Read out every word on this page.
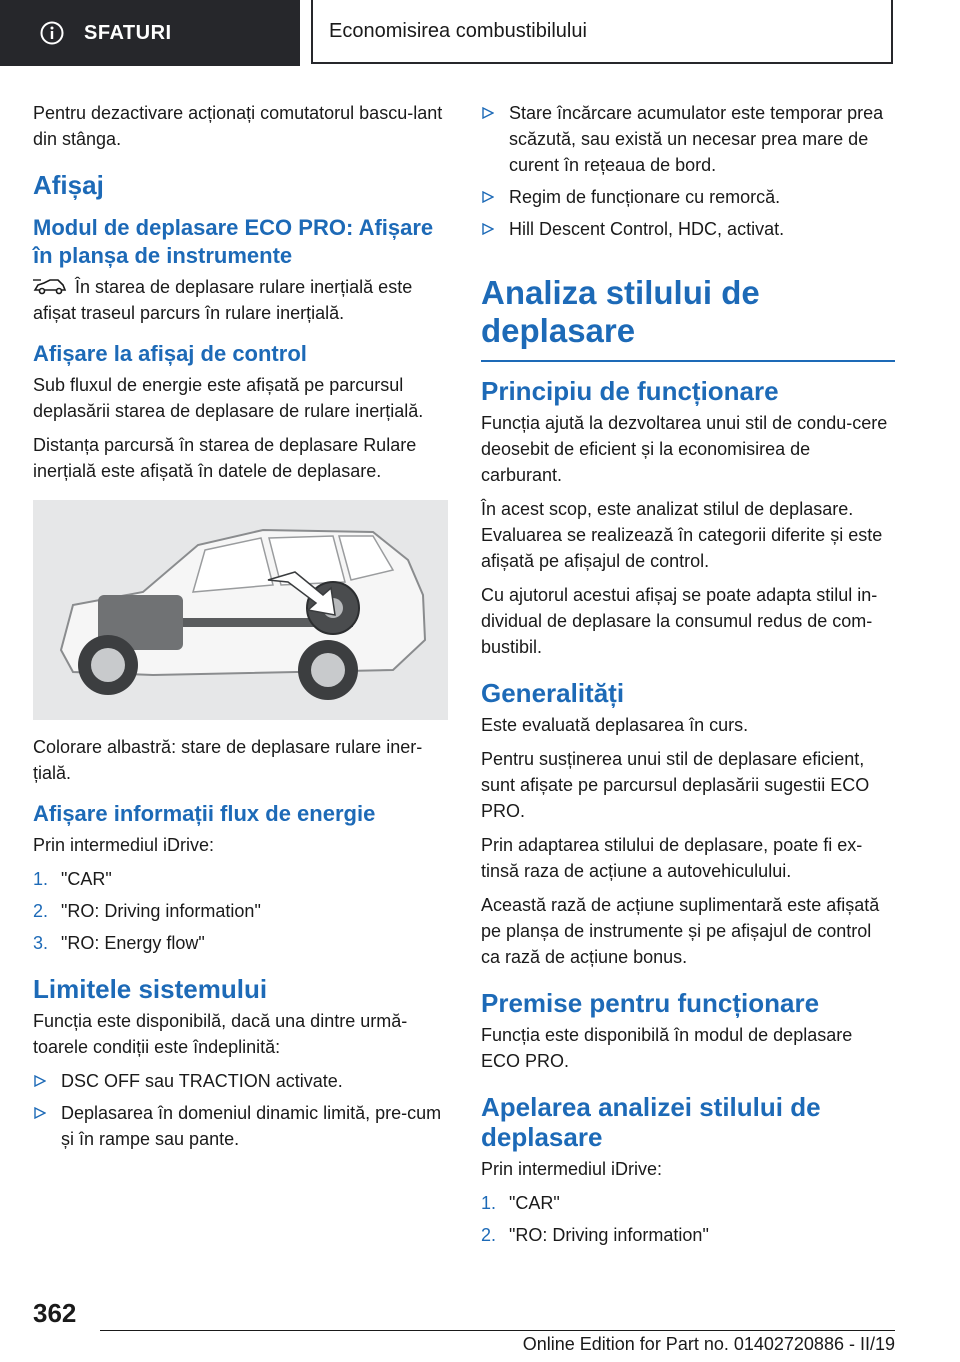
SFATURI	Economisirea combustibilului

Pentru dezactivare acționați comutatorul bascu-lant din stânga.

Afișaj
Modul de deplasare ECO PRO: Afișare în planșa de instrumente

În starea de deplasare rulare inerțială este afișat traseul parcurs în rulare inerțială.

Afișare la afișaj de control

Sub fluxul de energie este afișată pe parcursul deplasării starea de deplasare de rulare inerțială.

Distanța parcursă în starea de deplasare Rulare inerțială este afișată în datele de deplasare.

Colorare albastră: stare de deplasare rulare iner-țială.

Afișare informații flux de energie

Prin intermediul iDrive:

1. "CAR"
2. "RO: Driving information"
3. "RO: Energy flow"
Limitele sistemului

Funcția este disponibilă, dacă una dintre urmă-toarele condiții este îndeplinită:

DSC OFF sau TRACTION activate.
Deplasarea în domeniul dinamic limită, pre-cum și în rampe sau pante.
Stare încărcare acumulator este temporar prea scăzută, sau există un necesar prea mare de curent în rețeaua de bord.
Regim de funcționare cu remorcă.
Hill Descent Control, HDC, activat.
Analiza stilului de deplasare
Principiu de funcționare

Funcția ajută la dezvoltarea unui stil de condu-cere deosebit de eficient și la economisirea de carburant.

În acest scop, este analizat stilul de deplasare. Evaluarea se realizează în categorii diferite și este afișată pe afișajul de control.

Cu ajutorul acestui afișaj se poate adapta stilul in-dividual de deplasare la consumul redus de com-bustibil.

Generalități

Este evaluată deplasarea în curs.

Pentru susținerea unui stil de deplasare eficient, sunt afișate pe parcursul deplasării sugestii ECO PRO.

Prin adaptarea stilului de deplasare, poate fi ex-tinsă raza de acțiune a autovehiculului.

Această rază de acțiune suplimentară este afișată pe planșa de instrumente și pe afișajul de control ca rază de acțiune bonus.

Premise pentru funcționare

Funcția este disponibilă în modul de deplasare ECO PRO.

Apelarea analizei stilului de deplasare

Prin intermediul iDrive:

1. "CAR"
2. "RO: Driving information"
362
Online Edition for Part no. 01402720886 - II/19
